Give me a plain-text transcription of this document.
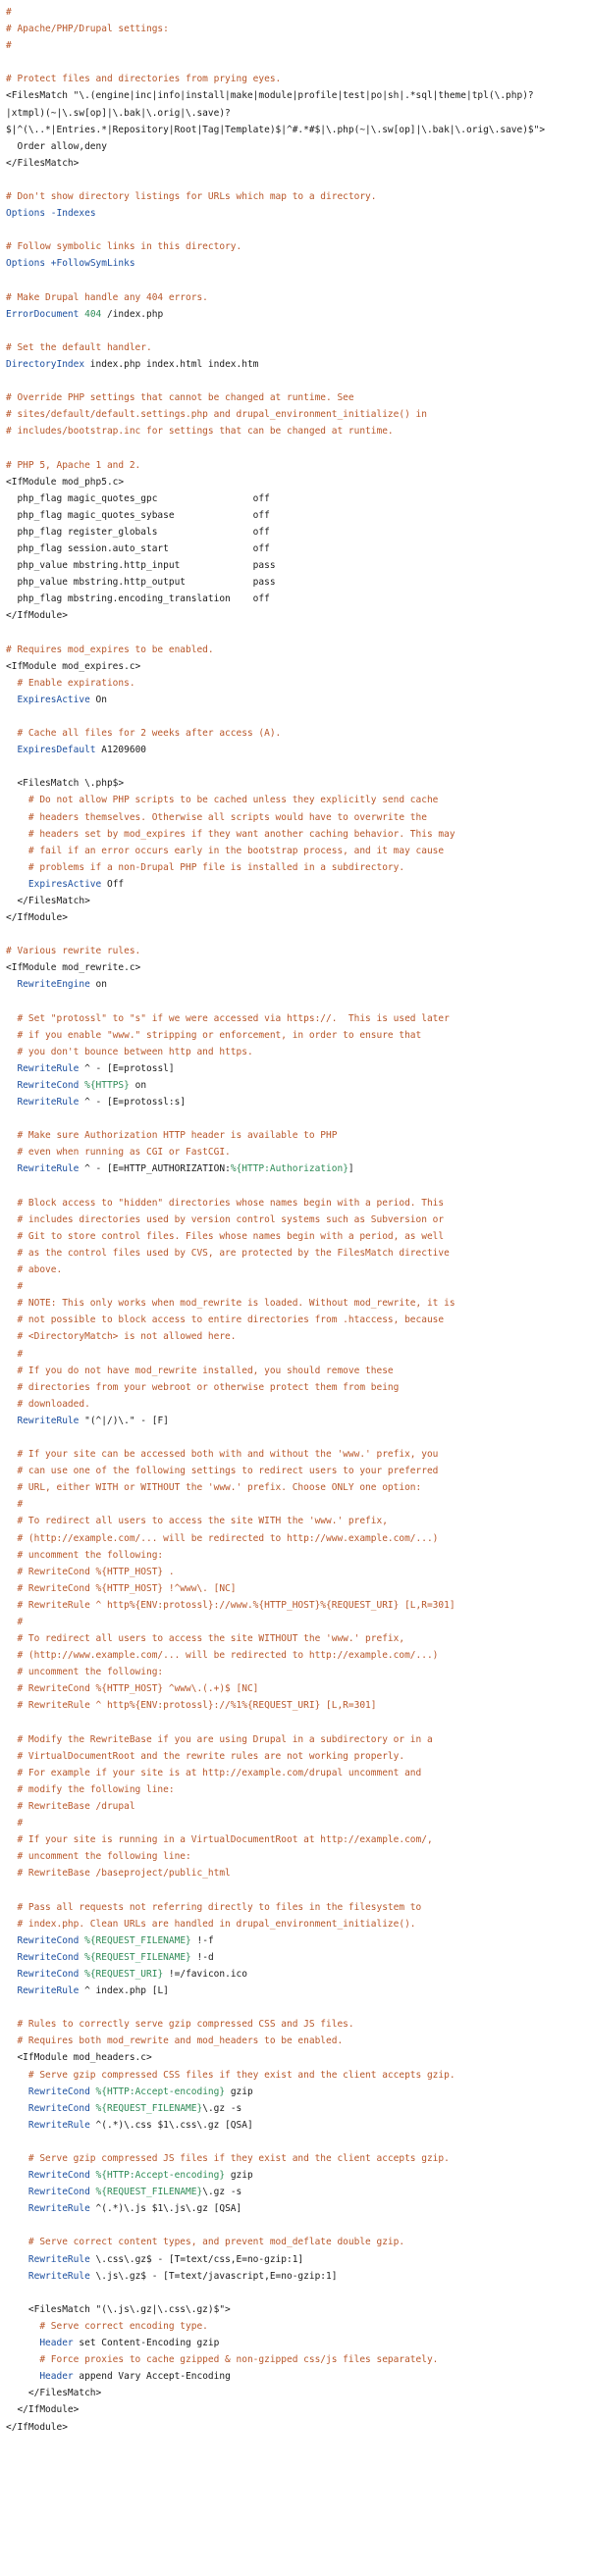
#
# Apache/PHP/Drupal settings:
#

# Protect files and directories from prying eyes.
<FilesMatch "\.(engine|inc|info|install|make|module|profile|test|po|sh|.*sql|theme|tpl(\.php)?
|xtmpl)(~|\.sw[op]|\.bak|\.orig|\.save)?
$|^(\..*|Entries.*|Repository|Root|Tag|Template)$|^#.*#$|\.php(~|\.sw[op]|\.bak|\.orig\.save)$">
Order allow,deny
</FilesMatch>

# Don't show directory listings for URLs which map to a directory.
Options -Indexes

# Follow symbolic links in this directory.
Options +FollowSymLinks

# Make Drupal handle any 404 errors.
ErrorDocument 404 /index.php

# Set the default handler.
DirectoryIndex index.php index.html index.htm

# Override PHP settings that cannot be changed at runtime. See
# sites/default/default.settings.php and drupal_environment_initialize() in
# includes/bootstrap.inc for settings that can be changed at runtime.

# PHP 5, Apache 1 and 2.
<IfModule mod_php5.c>
php_flag magic_quotes_gpc                 off
php_flag magic_quotes_sybase              off
php_flag register_globals                 off
php_flag session.auto_start               off
php_value mbstring.http_input             pass
php_value mbstring.http_output            pass
php_flag mbstring.encoding_translation    off
</IfModule>

# Requires mod_expires to be enabled.
<IfModule mod_expires.c>
# Enable expirations.
ExpiresActive On

# Cache all files for 2 weeks after access (A).
ExpiresDefault A1209600

<FilesMatch \.php$>
# Do not allow PHP scripts to be cached unless they explicitly send cache
# headers themselves. Otherwise all scripts would have to overwrite the
# headers set by mod_expires if they want another caching behavior. This may
# fail if an error occurs early in the bootstrap process, and it may cause
# problems if a non-Drupal PHP file is installed in a subdirectory.
ExpiresActive Off
</FilesMatch>
</IfModule>

# Various rewrite rules.
<IfModule mod_rewrite.c>
RewriteEngine on

# Set "protossl" to "s" if we were accessed via https://.  This is used later
# if you enable "www." stripping or enforcement, in order to ensure that
# you don't bounce between http and https.
RewriteRule ^ - [E=protossl]
RewriteCond %{HTTPS} on
RewriteRule ^ - [E=protossl:s]

# Make sure Authorization HTTP header is available to PHP
# even when running as CGI or FastCGI.
RewriteRule ^ - [E=HTTP_AUTHORIZATION:%{HTTP:Authorization}]

# Block access to "hidden" directories whose names begin with a period. This
# includes directories used by version control systems such as Subversion or
# Git to store control files. Files whose names begin with a period, as well
# as the control files used by CVS, are protected by the FilesMatch directive
# above.
#
# NOTE: This only works when mod_rewrite is loaded. Without mod_rewrite, it is
# not possible to block access to entire directories from .htaccess, because
# <DirectoryMatch> is not allowed here.
#
# If you do not have mod_rewrite installed, you should remove these
# directories from your webroot or otherwise protect them from being
# downloaded.
RewriteRule "(^|/)\." - [F]

# If your site can be accessed both with and without the 'www.' prefix, you
# can use one of the following settings to redirect users to your preferred
# URL, either WITH or WITHOUT the 'www.' prefix. Choose ONLY one option:
#
# To redirect all users to access the site WITH the 'www.' prefix,
# (http://example.com/... will be redirected to http://www.example.com/...)
# uncomment the following:
# RewriteCond %{HTTP_HOST} .
# RewriteCond %{HTTP_HOST} !^www\. [NC]
# RewriteRule ^ http%{ENV:protossl}://www.%{HTTP_HOST}%{REQUEST_URI} [L,R=301]
#
# To redirect all users to access the site WITHOUT the 'www.' prefix,
# (http://www.example.com/... will be redirected to http://example.com/...)
# uncomment the following:
# RewriteCond %{HTTP_HOST} ^www\.(.+)$ [NC]
# RewriteRule ^ http%{ENV:protossl}://%1%{REQUEST_URI} [L,R=301]

# Modify the RewriteBase if you are using Drupal in a subdirectory or in a
# VirtualDocumentRoot and the rewrite rules are not working properly.
# For example if your site is at http://example.com/drupal uncomment and
# modify the following line:
# RewriteBase /drupal
#
# If your site is running in a VirtualDocumentRoot at http://example.com/,
# uncomment the following line:
# RewriteBase /baseproject/public_html

# Pass all requests not referring directly to files in the filesystem to
# index.php. Clean URLs are handled in drupal_environment_initialize().
RewriteCond %{REQUEST_FILENAME} !-f
RewriteCond %{REQUEST_FILENAME} !-d
RewriteCond %{REQUEST_URI} !=/favicon.ico
RewriteRule ^ index.php [L]

# Rules to correctly serve gzip compressed CSS and JS files.
# Requires both mod_rewrite and mod_headers to be enabled.
<IfModule mod_headers.c>
# Serve gzip compressed CSS files if they exist and the client accepts gzip.
RewriteCond %{HTTP:Accept-encoding} gzip
RewriteCond %{REQUEST_FILENAME}\.gz -s
RewriteRule ^(.*)\.css $1\.css\.gz [QSA]

# Serve gzip compressed JS files if they exist and the client accepts gzip.
RewriteCond %{HTTP:Accept-encoding} gzip
RewriteCond %{REQUEST_FILENAME}\.gz -s
RewriteRule ^(.*)\.js $1\.js\.gz [QSA]

# Serve correct content types, and prevent mod_deflate double gzip.
RewriteRule \.css\.gz$ - [T=text/css,E=no-gzip:1]
RewriteRule \.js\.gz$ - [T=text/javascript,E=no-gzip:1]

<FilesMatch "(\.js\.gz|\.css\.gz)$">
# Serve correct encoding type.
Header set Content-Encoding gzip
# Force proxies to cache gzipped & non-gzipped css/js files separately.
Header append Vary Accept-Encoding
</FilesMatch>
</IfModule>
</IfModule>
